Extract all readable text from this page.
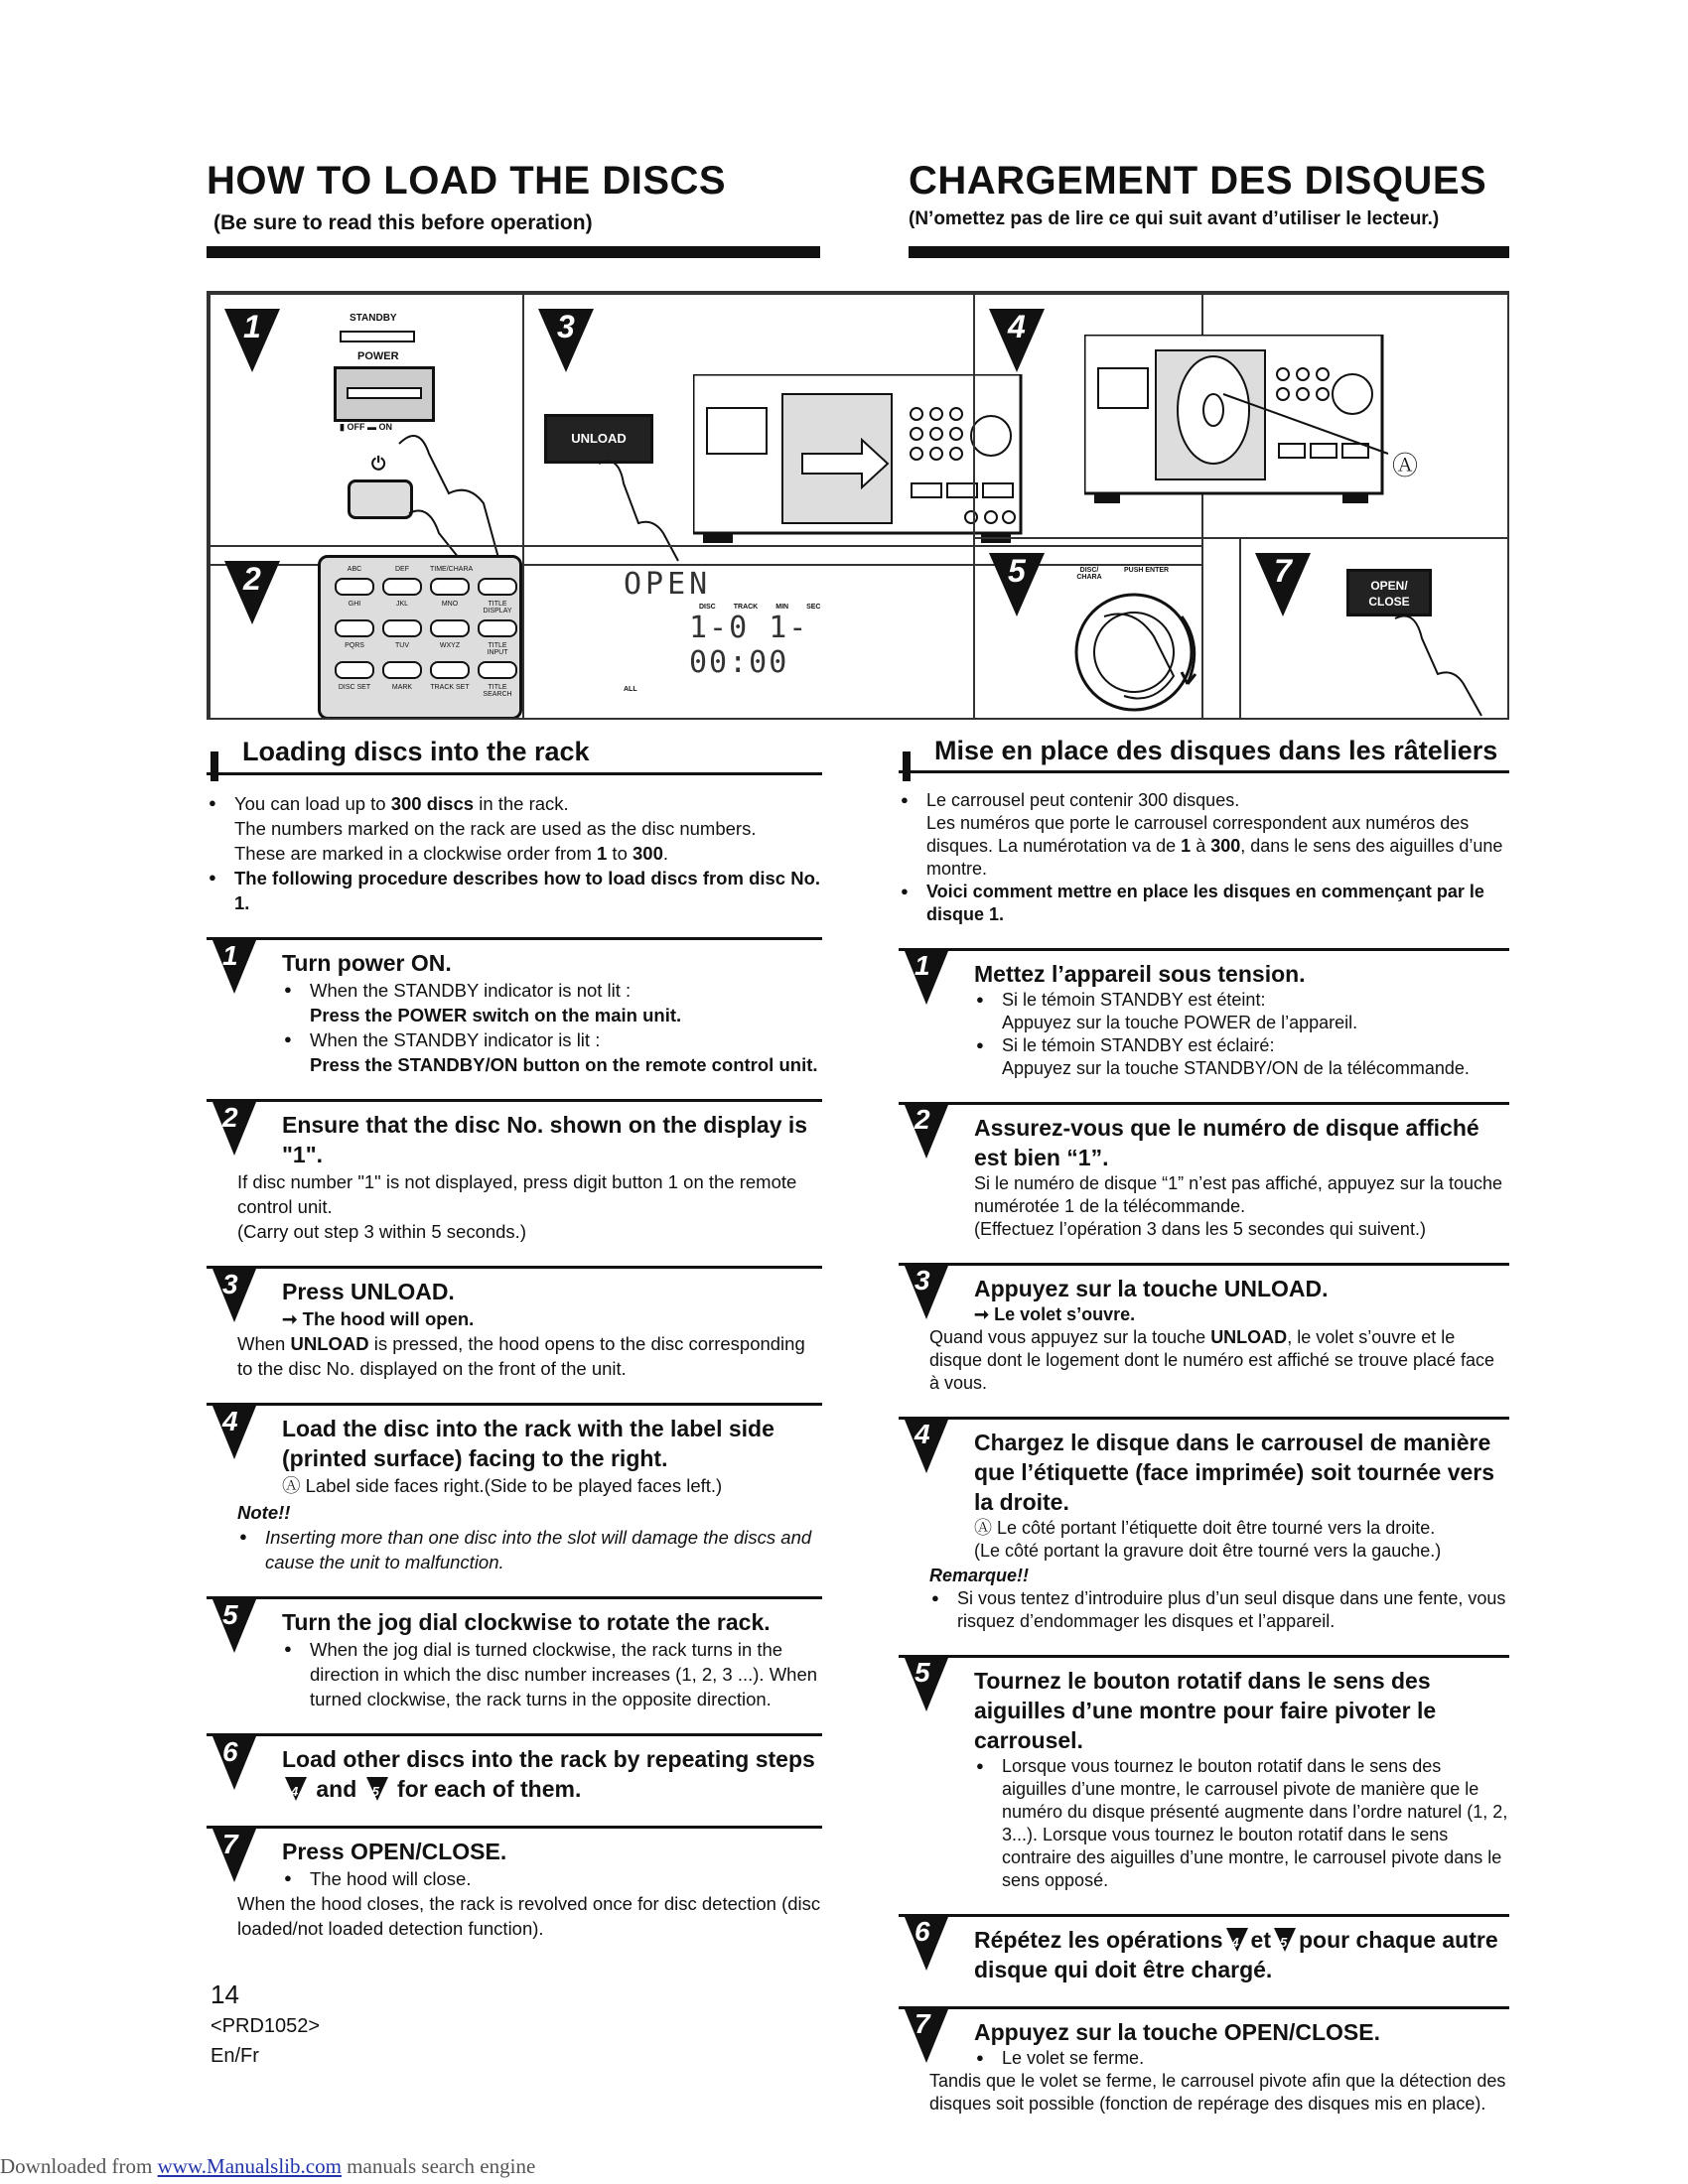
HOW TO LOAD THE DISCS
(Be sure to read this before operation)
CHARGEMENT DES DISQUES
(N’omettez pas de lire ce qui suit avant d’utiliser le lecteur.)
1	STANDBY
POWER
▮ OFF ▬ ON
⏻
2	ABC	DEF	TIME/CHARA
GHI	JKL	MNO	TITLE DISPLAY
PQRS	TUV	WXYZ	TITLE INPUT
DISC SET	MARK	TRACK SET	TITLE SEARCH
3
UNLOAD
OPEN
DISC	TRACK	MIN	SEC
1-0 1-00:00
ALL
4
Ⓐ
5	DISC/ CHARA
PUSH ENTER	7	OPEN/ CLOSE
Loading discs into the rack
● You can load up to 300 discs in the rack.
The numbers marked on the rack are used as the disc numbers.
These are marked in a clockwise order from 1 to 300.
● The following procedure describes how to load discs from disc No. 1.
1 Turn power ON.
● When the STANDBY indicator is not lit :
Press the POWER switch on the main unit.
● When the STANDBY indicator is lit :
Press the STANDBY/ON button on the remote control unit.
2 Ensure that the disc No. shown on the display is "1".
If disc number "1" is not displayed, press digit button 1 on the remote control unit.
(Carry out step 3 within 5 seconds.)
3 Press UNLOAD.
➞ The hood will open.
When UNLOAD is pressed, the hood opens to the disc corresponding to the disc No. displayed on the front of the unit.
4 Load the disc into the rack with the label side (printed surface) facing to the right.
Ⓐ Label side faces right.(Side to be played faces left.)
Note!!
● Inserting more than one disc into the slot will damage the discs and cause the unit to malfunction.
5 Turn the jog dial clockwise to rotate the rack.
● When the jog dial is turned clockwise, the rack turns in the direction in which the disc number increases (1, 2, 3 ...). When turned clockwise, the rack turns in the opposite direction.
6 Load other discs into the rack by repeating steps
4 and 5 for each of them.
7 Press OPEN/CLOSE.
● The hood will close.
When the hood closes, the rack is revolved once for disc detection (disc loaded/not loaded detection function).
Mise en place des disques dans les râteliers
● Le carrousel peut contenir 300 disques.
Les numéros que porte le carrousel correspondent aux numéros des disques. La numérotation va de 1 à 300, dans le sens des aiguilles d’une montre.
● Voici comment mettre en place les disques en commençant par le disque 1.
1 Mettez l’appareil sous tension.
● Si le témoin STANDBY est éteint:
Appuyez sur la touche POWER de l’appareil.
● Si le témoin STANDBY est éclairé:
Appuyez sur la touche STANDBY/ON de la télécommande.
2 Assurez-vous que le numéro de disque affiché est bien “1”.
Si le numéro de disque “1” n’est pas affiché, appuyez sur la touche numérotée 1 de la télécommande.
(Effectuez l’opération 3 dans les 5 secondes qui suivent.)
3 Appuyez sur la touche UNLOAD.
➞ Le volet s’ouvre.
Quand vous appuyez sur la touche UNLOAD, le volet s’ouvre et le disque dont le logement dont le numéro est affiché se trouve placé face à vous.
4 Chargez le disque dans le carrousel de manière que l’étiquette (face imprimée) soit tournée vers la droite.
Ⓐ Le côté portant l’étiquette doit être tourné vers la droite.
(Le côté portant la gravure doit être tourné vers la gauche.)
Remarque!!
● Si vous tentez d’introduire plus d’un seul disque dans une fente, vous risquez d’endommager les disques et l’appareil.
5 Tournez le bouton rotatif dans le sens des aiguilles d’une montre pour faire pivoter le carrousel.
● Lorsque vous tournez le bouton rotatif dans le sens des aiguilles d’une montre, le carrousel pivote de manière que le numéro du disque présenté augmente dans l’ordre naturel (1, 2, 3...). Lorsque vous tournez le bouton rotatif dans le sens contraire des aiguilles d’une montre, le carrousel pivote dans le sens opposé.
6 Répétez les opérations 4 et 5 pour chaque autre disque qui doit être chargé.
7 Appuyez sur la touche OPEN/CLOSE.
● Le volet se ferme.
Tandis que le volet se ferme, le carrousel pivote afin que la détection des disques soit possible (fonction de repérage des disques mis en place).
14
<PRD1052>
En/Fr
Downloaded from www.Manualslib.com manuals search engine
